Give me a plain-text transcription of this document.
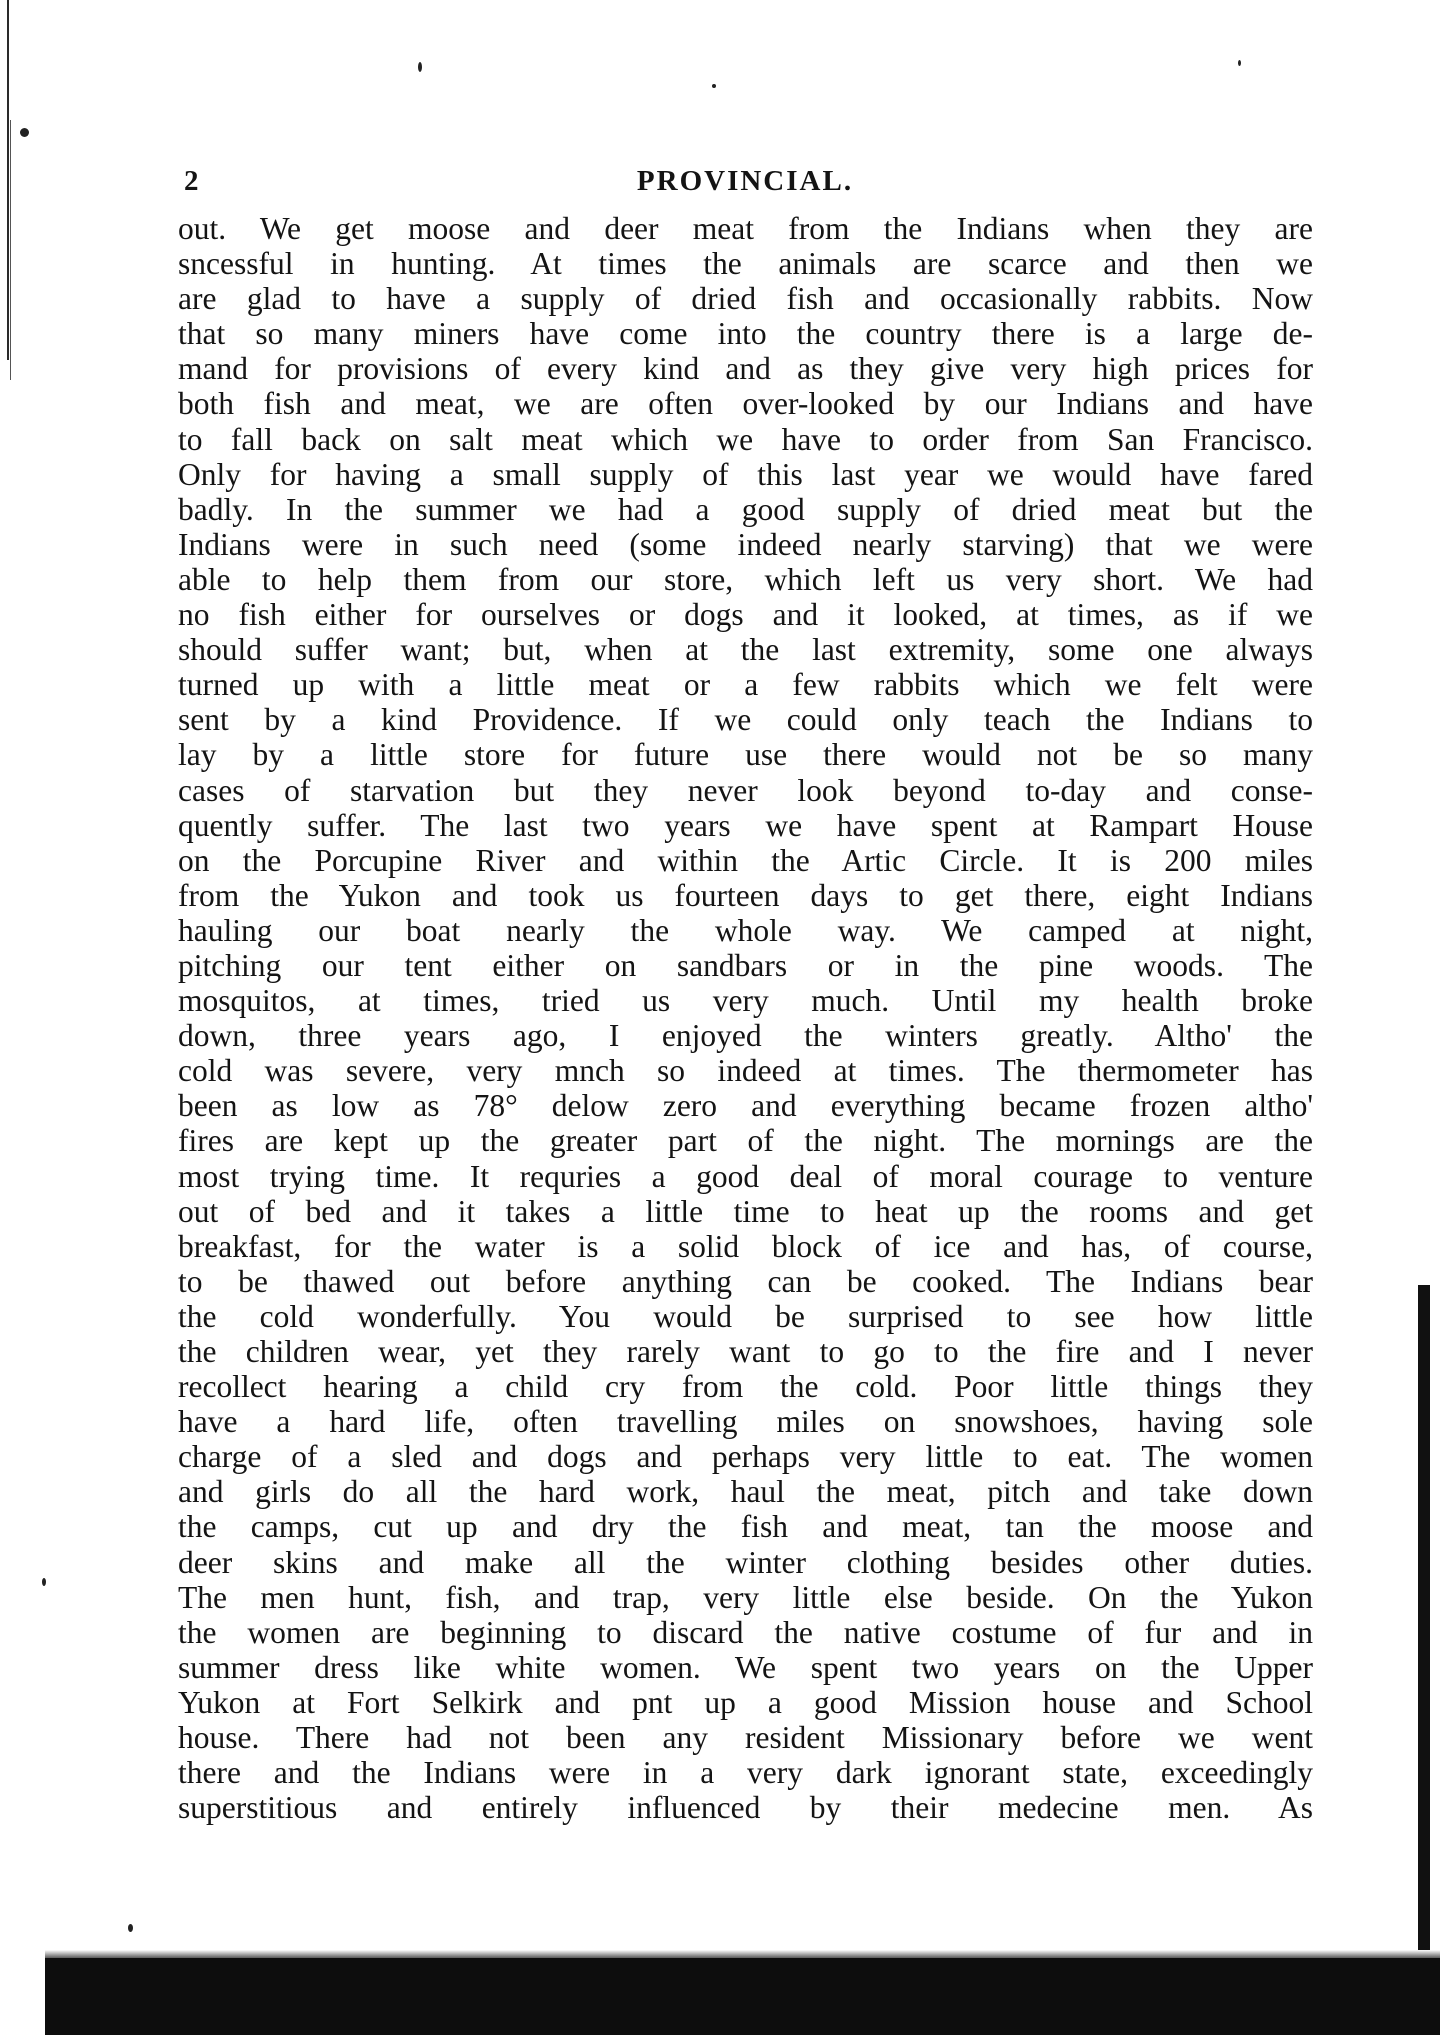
2	PROVINCIAL.
out. We get moose and deer meat from the Indians when they are
sncessful in hunting. At times the animals are scarce and then we
are glad to have a supply of dried fish and occasionally rabbits. Now
that so many miners have come into the country there is a large de-
mand for provisions of every kind and as they give very high prices for
both fish and meat, we are often over-looked by our Indians and have
to fall back on salt meat which we have to order from San Francisco.
Only for having a small supply of this last year we would have fared
badly. In the summer we had a good supply of dried meat but the
Indians were in such need (some indeed nearly starving) that we were
able to help them from our store, which left us very short. We had
no fish either for ourselves or dogs and it looked, at times, as if we
should suffer want; but, when at the last extremity, some one always
turned up with a little meat or a few rabbits which we felt were
sent by a kind Providence. If we could only teach the Indians to
lay by a little store for future use there would not be so many
cases of starvation but they never look beyond to-day and conse-
quently suffer. The last two years we have spent at Rampart House
on the Porcupine River and within the Artic Circle. It is 200 miles
from the Yukon and took us fourteen days to get there, eight Indians
hauling our boat nearly the whole way. We camped at night,
pitching our tent either on sandbars or in the pine woods. The
mosquitos, at times, tried us very much. Until my health broke
down, three years ago, I enjoyed the winters greatly. Altho' the
cold was severe, very mnch so indeed at times. The thermometer has
been as low as 78° delow zero and everything became frozen altho'
fires are kept up the greater part of the night. The mornings are the
most trying time. It requries a good deal of moral courage to venture
out of bed and it takes a little time to heat up the rooms and get
breakfast, for the water is a solid block of ice and has, of course,
to be thawed out before anything can be cooked. The Indians bear
the cold wonderfully. You would be surprised to see how little
the children wear, yet they rarely want to go to the fire and I never
recollect hearing a child cry from the cold. Poor little things they
have a hard life, often travelling miles on snowshoes, having sole
charge of a sled and dogs and perhaps very little to eat. The women
and girls do all the hard work, haul the meat, pitch and take down
the camps, cut up and dry the fish and meat, tan the moose and
deer skins and make all the winter clothing besides other duties.
The men hunt, fish, and trap, very little else beside. On the Yukon
the women are beginning to discard the native costume of fur and in
summer dress like white women. We spent two years on the Upper
Yukon at Fort Selkirk and pnt up a good Mission house and School
house. There had not been any resident Missionary before we went
there and the Indians were in a very dark ignorant state, exceedingly
superstitious and entirely influenced by their medecine men. As
